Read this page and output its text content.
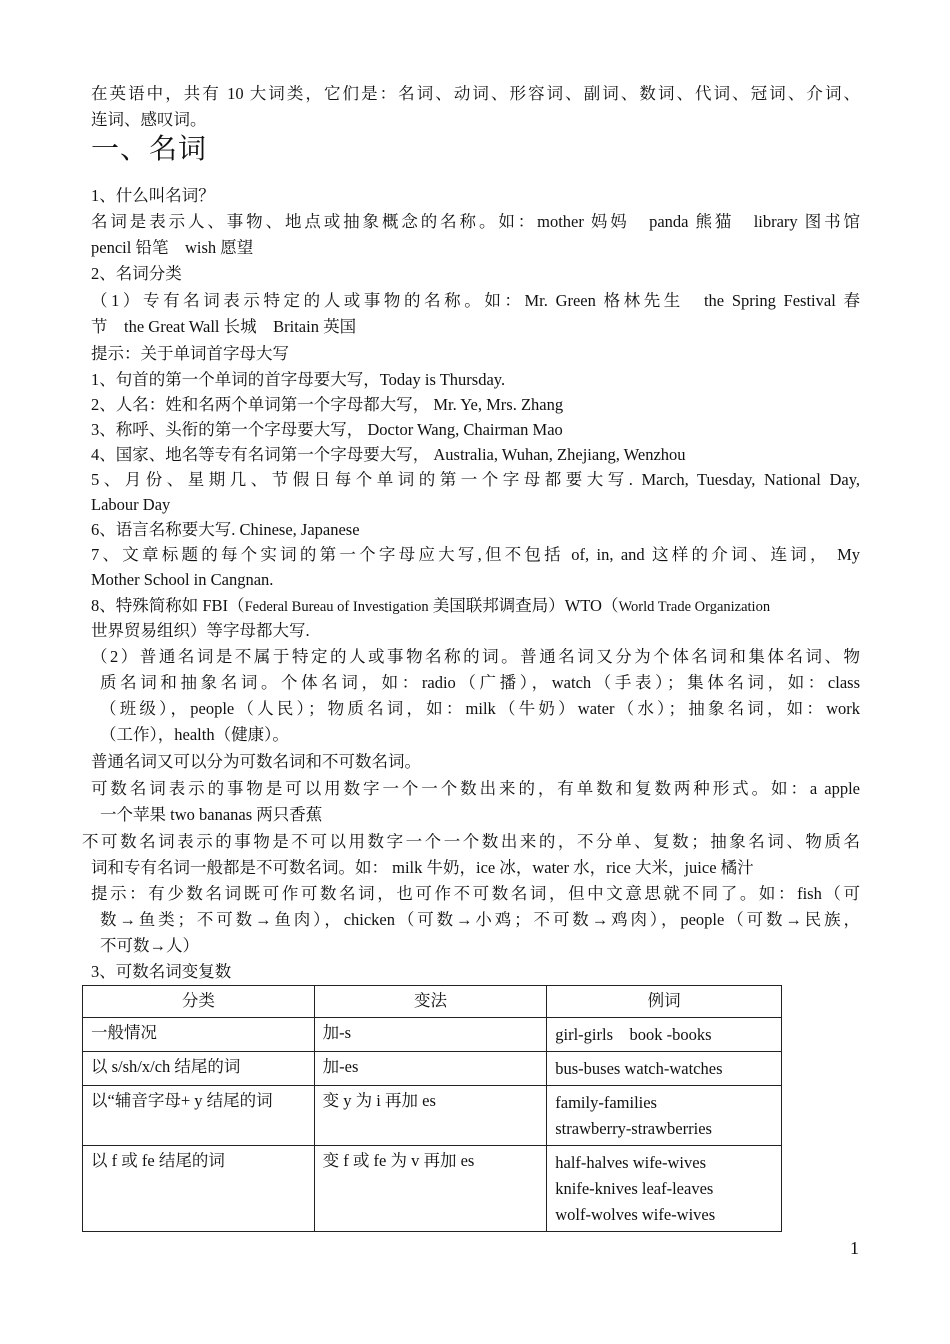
在英语中，共有 10 大词类，它们是：名词、动词、形容词、副词、数词、代词、冠词、介词、
连词、感叹词。
一、名词
1、什么叫名词？
名词是表示人、事物、地点或抽象概念的名称。如：mother 妈妈　panda 熊猫　library 图书馆
pencil 铅笔　wish 愿望
2、名词分类
（1）专有名词表示特定的人或事物的名称。如：Mr. Green 格林先生　the Spring Festival 春
节　the Great Wall 长城　Britain 英国
提示：关于单词首字母大写
1、句首的第一个单词的首字母要大写，Today is Thursday.
2、人名：姓和名两个单词第一个字母都大写， Mr. Ye, Mrs. Zhang
3、称呼、头衔的第一个字母要大写， Doctor Wang, Chairman Mao
4、国家、地名等专有名词第一个字母要大写， Australia, Wuhan, Zhejiang, Wenzhou
5、月份、星期几、节假日每个单词的第一个字母都要大写. March, Tuesday, National Day,
Labour Day
6、语言名称要大写. Chinese, Japanese
7、文章标题的每个实词的第一个字母应大写,但不包括 of, in, and 这样的介词、连词， My
Mother School in Cangnan.
8、特殊简称如 FBI（Federal Bureau of Investigation 美国联邦调查局）WTO（World Trade Organization
世界贸易组织）等字母都大写.
（2）普通名词是不属于特定的人或事物名称的词。普通名词又分为个体名词和集体名词、物
质名词和抽象名词。个体名词，如：radio（广播），watch（手表）；集体名词，如：class
（班级），people（人民）；物质名词，如：milk（牛奶）water（水）；抽象名词，如：work
（工作），health（健康）。
普通名词又可以分为可数名词和不可数名词。
可数名词表示的事物是可以用数字一个一个数出来的，有单数和复数两种形式。如：a apple
一个苹果 two bananas 两只香蕉
不可数名词表示的事物是不可以用数字一个一个数出来的，不分单、复数；抽象名词、物质名
词和专有名词一般都是不可数名词。如： milk 牛奶，ice 冰，water 水，rice 大米，juice 橘汁
提示：有少数名词既可作可数名词，也可作不可数名词，但中文意思就不同了。如：fish（可
数→鱼类；不可数→鱼肉），chicken（可数→小鸡；不可数→鸡肉），people（可数→民族，
不可数→人）
3、可数名词变复数
分类	变法	例词
一般情况	加-s	girl-girls　book -books

以 s/sh/x/ch 结尾的词	加-es	bus-buses watch-watches

以“辅音字母+ y 结尾的词	变 y 为 i 再加 es	family-families
strawberry-strawberries

以 f 或 fe 结尾的词	变 f 或 fe 为 v 再加 es	half-halves wife-wives
knife-knives leaf-leaves
wolf-wolves wife-wives
1
